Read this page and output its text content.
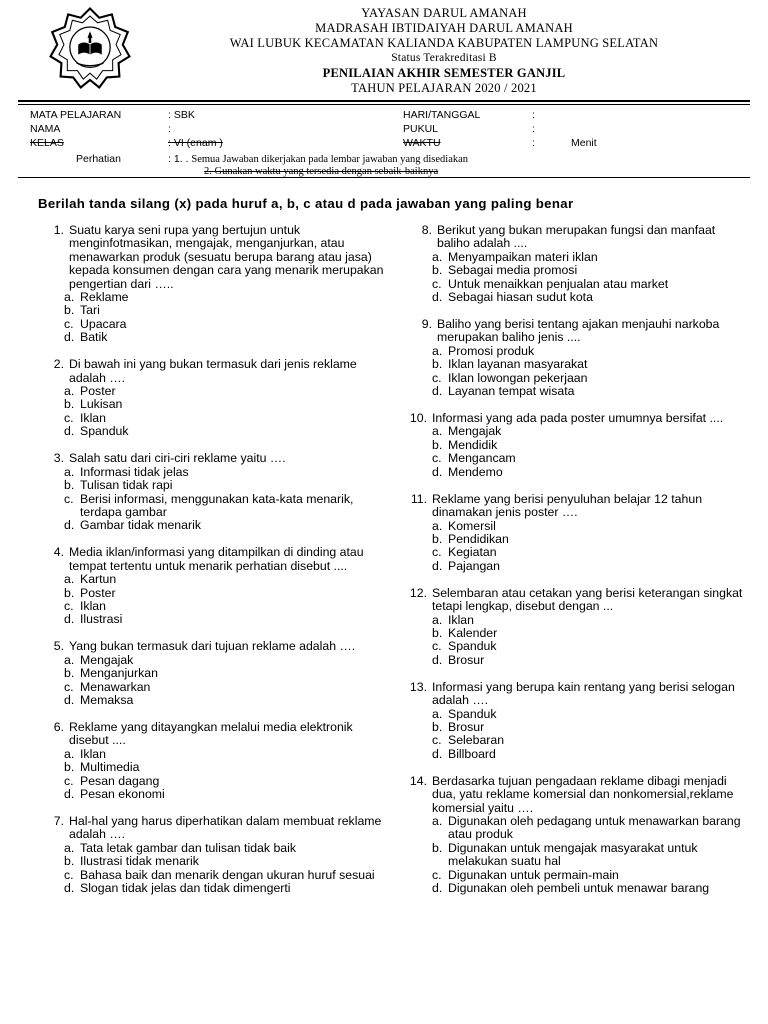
YAYASAN DARUL AMANAH
MADRASAH IBTIDAIYAH DARUL AMANAH
WAI LUBUK KECAMATAN KALIANDA KABUPATEN LAMPUNG SELATAN
Status Terakreditasi B
PENILAIAN AKHIR SEMESTER GANJIL
TAHUN PELAJARAN 2020 / 2021
MATA PELAJARAN	: SBK
NAMA	:
KELAS	: VI (enam )
HARI/TANGGAL	:
PUKUL	:
WAKTU	:	Menit
Perhatian	: 1. . Semua Jawaban dikerjakan pada lembar jawaban yang disediakan
2. Gunakan waktu yang tersedia dengan sebaik-baiknya
Berilah tanda silang (x) pada huruf a, b, c atau d pada jawaban yang paling benar
1. Suatu karya seni rupa yang bertujun untuk menginfotmasikan, mengajak, menganjurkan, atau menawarkan produk (sesuatu berupa barang atau jasa) kepada konsumen dengan cara yang menarik merupakan pengertian dari …..
a. Reklame
b. Tari
c. Upacara
d. Batik
2. Di bawah ini yang bukan termasuk dari jenis reklame adalah ….
a. Poster
b. Lukisan
c. Iklan
d. Spanduk
3. Salah satu dari ciri-ciri reklame yaitu ….
a. Informasi tidak jelas
b. Tulisan tidak rapi
c. Berisi informasi, menggunakan kata-kata menarik, terdapa gambar
d. Gambar tidak menarik
4. Media iklan/informasi yang ditampilkan di dinding atau tempat tertentu untuk menarik perhatian disebut ....
a. Kartun
b. Poster
c. Iklan
d. Ilustrasi
5. Yang bukan termasuk dari tujuan reklame adalah ….
a. Mengajak
b. Menganjurkan
c. Menawarkan
d. Memaksa
6. Reklame yang ditayangkan melalui media elektronik disebut ....
a. Iklan
b. Multimedia
c. Pesan dagang
d. Pesan ekonomi
7. Hal-hal yang harus diperhatikan dalam membuat reklame adalah ….
a. Tata letak gambar dan tulisan tidak baik
b. Ilustrasi tidak menarik
c. Bahasa baik dan menarik dengan ukuran huruf sesuai
d. Slogan tidak jelas dan tidak dimengerti
8. Berikut yang bukan merupakan fungsi dan manfaat baliho adalah ....
a. Menyampaikan materi iklan
b. Sebagai media promosi
c. Untuk menaikkan penjualan atau market
d. Sebagai hiasan sudut kota
9. Baliho yang berisi tentang ajakan menjauhi narkoba merupakan baliho jenis ....
a. Promosi produk
b. Iklan layanan masyarakat
c. Iklan lowongan pekerjaan
d. Layanan tempat wisata
10. Informasi yang ada pada poster umumnya bersifat ....
a. Mengajak
b. Mendidik
c. Mengancam
d. Mendemo
11. Reklame yang berisi penyuluhan belajar 12 tahun dinamakan jenis poster ….
a. Komersil
b. Pendidikan
c. Kegiatan
d. Pajangan
12. Selembaran atau cetakan yang berisi keterangan singkat tetapi lengkap, disebut dengan ...
a. Iklan
b. Kalender
c. Spanduk
d. Brosur
13. Informasi yang berupa kain rentang yang berisi selogan adalah ….
a. Spanduk
b. Brosur
c. Selebaran
d. Billboard
14. Berdasarka tujuan pengadaan reklame dibagi menjadi dua, yatu reklame komersial dan nonkomersial,reklame komersial yaitu ….
a. Digunakan oleh pedagang untuk menawarkan barang atau produk
b. Digunakan untuk mengajak masyarakat untuk melakukan suatu hal
c. Digunakan untuk permain-main
d. Digunakan oleh pembeli untuk menawar barang
